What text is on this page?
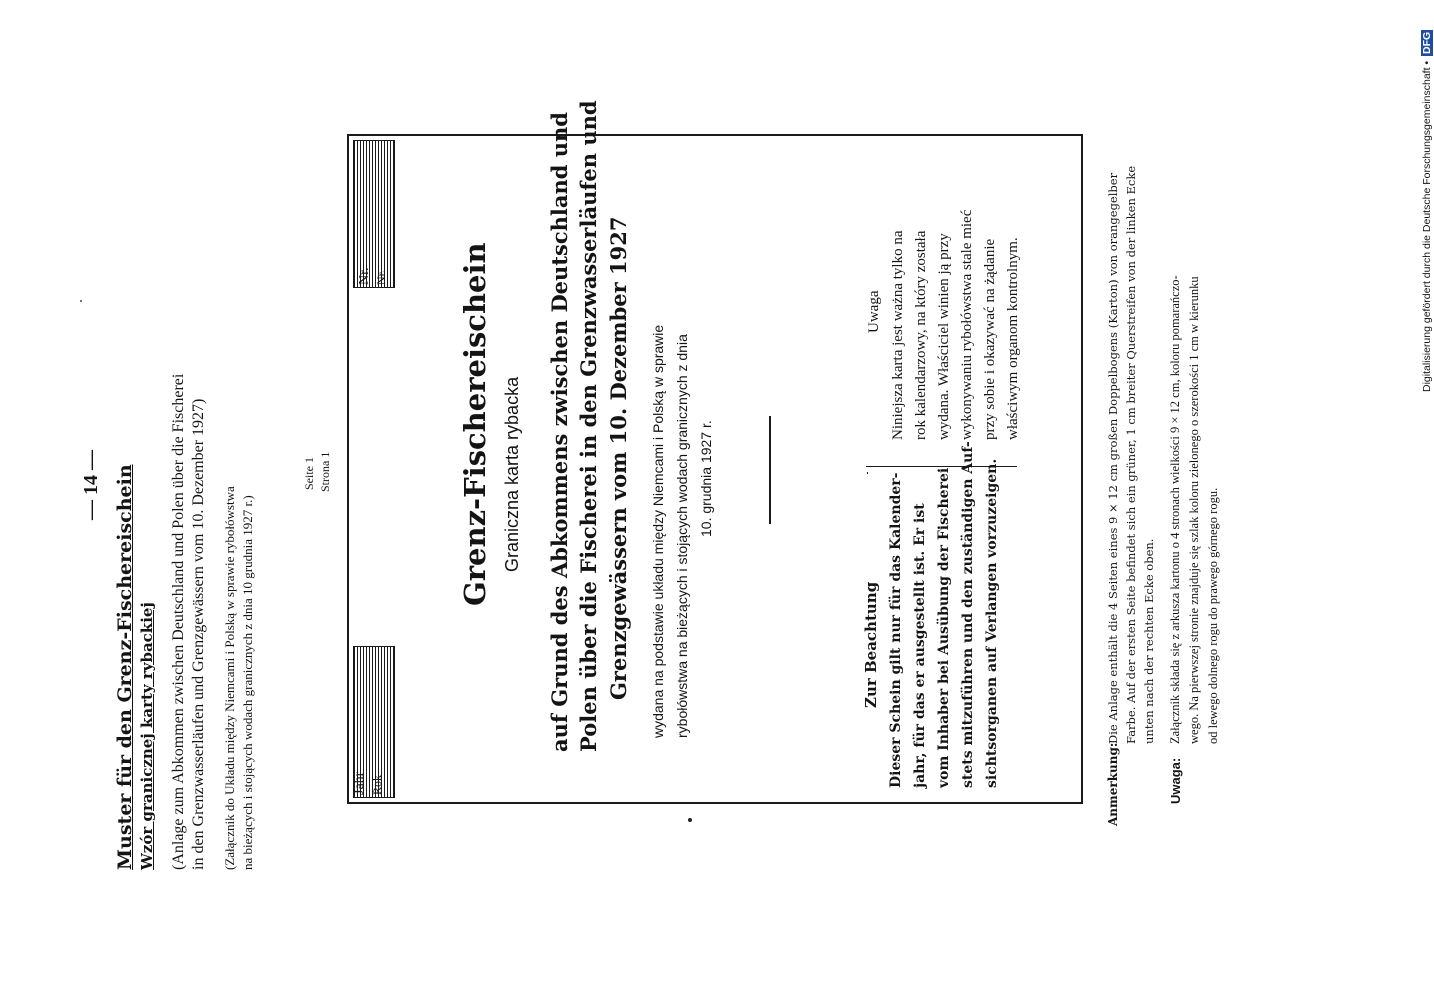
— 14 — Muster für den Grenz-Fischereischein Wzór granicznej karty rybackiej (Anlage zum Abkommen zwischen Deutschland und Polen über die Fischerei in den Grenzwasserläufen und Grenzgewässern vom 10. Dezember 1927) (Załącznik do Układu między Niemcami i Polską w sprawie rybołówstwa na bieżących i stojących wodach granicznych z dnia 10 grudnia 1927 r.)
Seite 1 Strona 1
Jahr Rok
Nr. Nr. Grenz-Fischereischein Graniczna karta rybacka auf Grund des Abkommens zwischen Deutschland und Polen über die Fischerei in den Grenzwasserläufen und Grenzgewässern vom 10. Dezember 1927 wydana na podstawie układu między Niemcami i Polską w sprawie rybołówstwa na bieżących i stojących wodach granicznych z dnia 10. grudnia 1927 r.
Zur Beachtung Dieser Schein gilt nur für das Kalender- jahr, für das er ausgestellt ist. Er ist vom Inhaber bei Ausübung der Fischerei stets mitzuführen und den zuständigen Auf- sichtsorganen auf Verlangen vorzuzeigen.
Uwaga Niniejsza karta jest ważna tylko na rok kalendarzowy, na który została wydana. Właściciel winien ją przy wykonywaniu rybołówstwa stale mieć przy sobie i okazywać na żądanie właściwym organom kontrolnym.
Anmerkung:
Die Anlage enthält die 4 Seiten eines 9 × 12 cm großen Doppelbogens (Karton) von orangegelber Farbe. Auf der ersten Seite befindet sich ein grüner, 1 cm breiter Querstreifen von der linken Ecke unten nach der rechten Ecke oben.
Uwaga:
Załącznik składa się z arkusza kartonu o 4 stronach wielkości 9 × 12 cm, koloru pomarańczo- wego. Na pierwszej stronie znajduje się szlak koloru zielonego o szerokości 1 cm w kierunku od lewego dolnego rogu do prawego górnego rogu.
Digitalisierung gefördert durch die Deutsche Forschungsgemeinschaft • DFG
